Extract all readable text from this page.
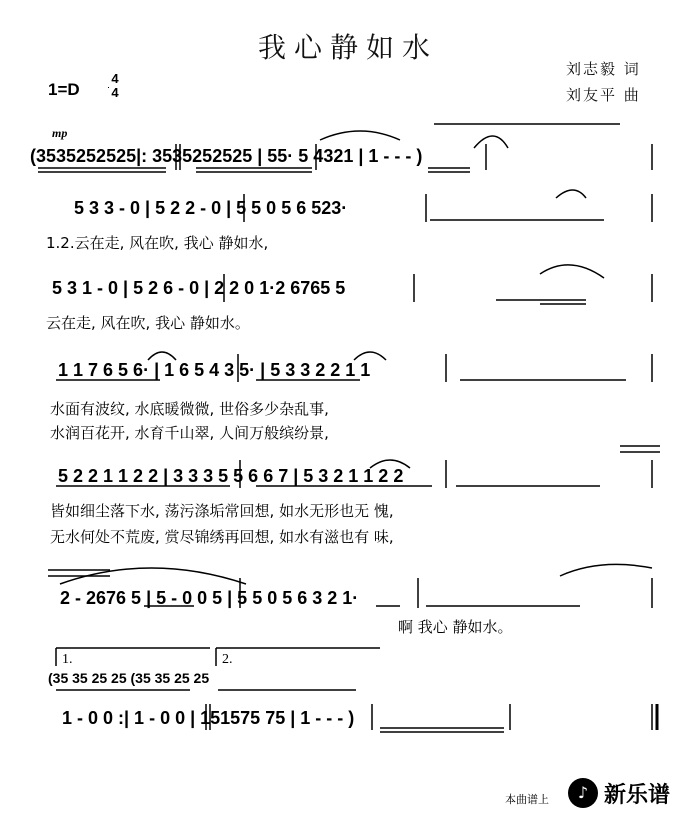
我心静如水
刘志毅 词
刘友平 曲
1=D
4
4
mp
(3535252525|: 3535252525 | 55· 5 4321 | 1 - - - )
5 3 3 - 0 | 5 2 2 - 0 | 5 5 0 5 6 523·
1.2.云在走, 风在吹, 我心 静如水,
5 3 1 - 0 | 5 2 6 - 0 | 2 2 0 1·2 6765 5
云在走, 风在吹, 我心 静如水。
1 1 7 6 5 6· | 1 6 5 4 3 5· | 5 3 3 2 2 1 1
水面有波纹, 水底暖微微, 世俗多少杂乱事,
水润百花开, 水育千山翠, 人间万般缤纷景,
5 2 2 1 1 2 2 | 3 3 3 5 5 6 6 7 | 5 3 2 1 1 2 2
皆如细尘落下水, 荡污涤垢常回想, 如水无形也无 愧,
无水何处不荒废, 赏尽锦绣再回想, 如水有滋也有 味,
2 - 2676 5 | 5 - 0 0 5 | 5 5 0 5 6 3 2 1·
啊 我心 静如水。
1.	2.
(35 35 25 25 (35 35 25 25
1 - 0 0 :| 1 - 0 0 | 151575 75 | 1 - - - )
本曲谱上 ♪ 新乐谱
